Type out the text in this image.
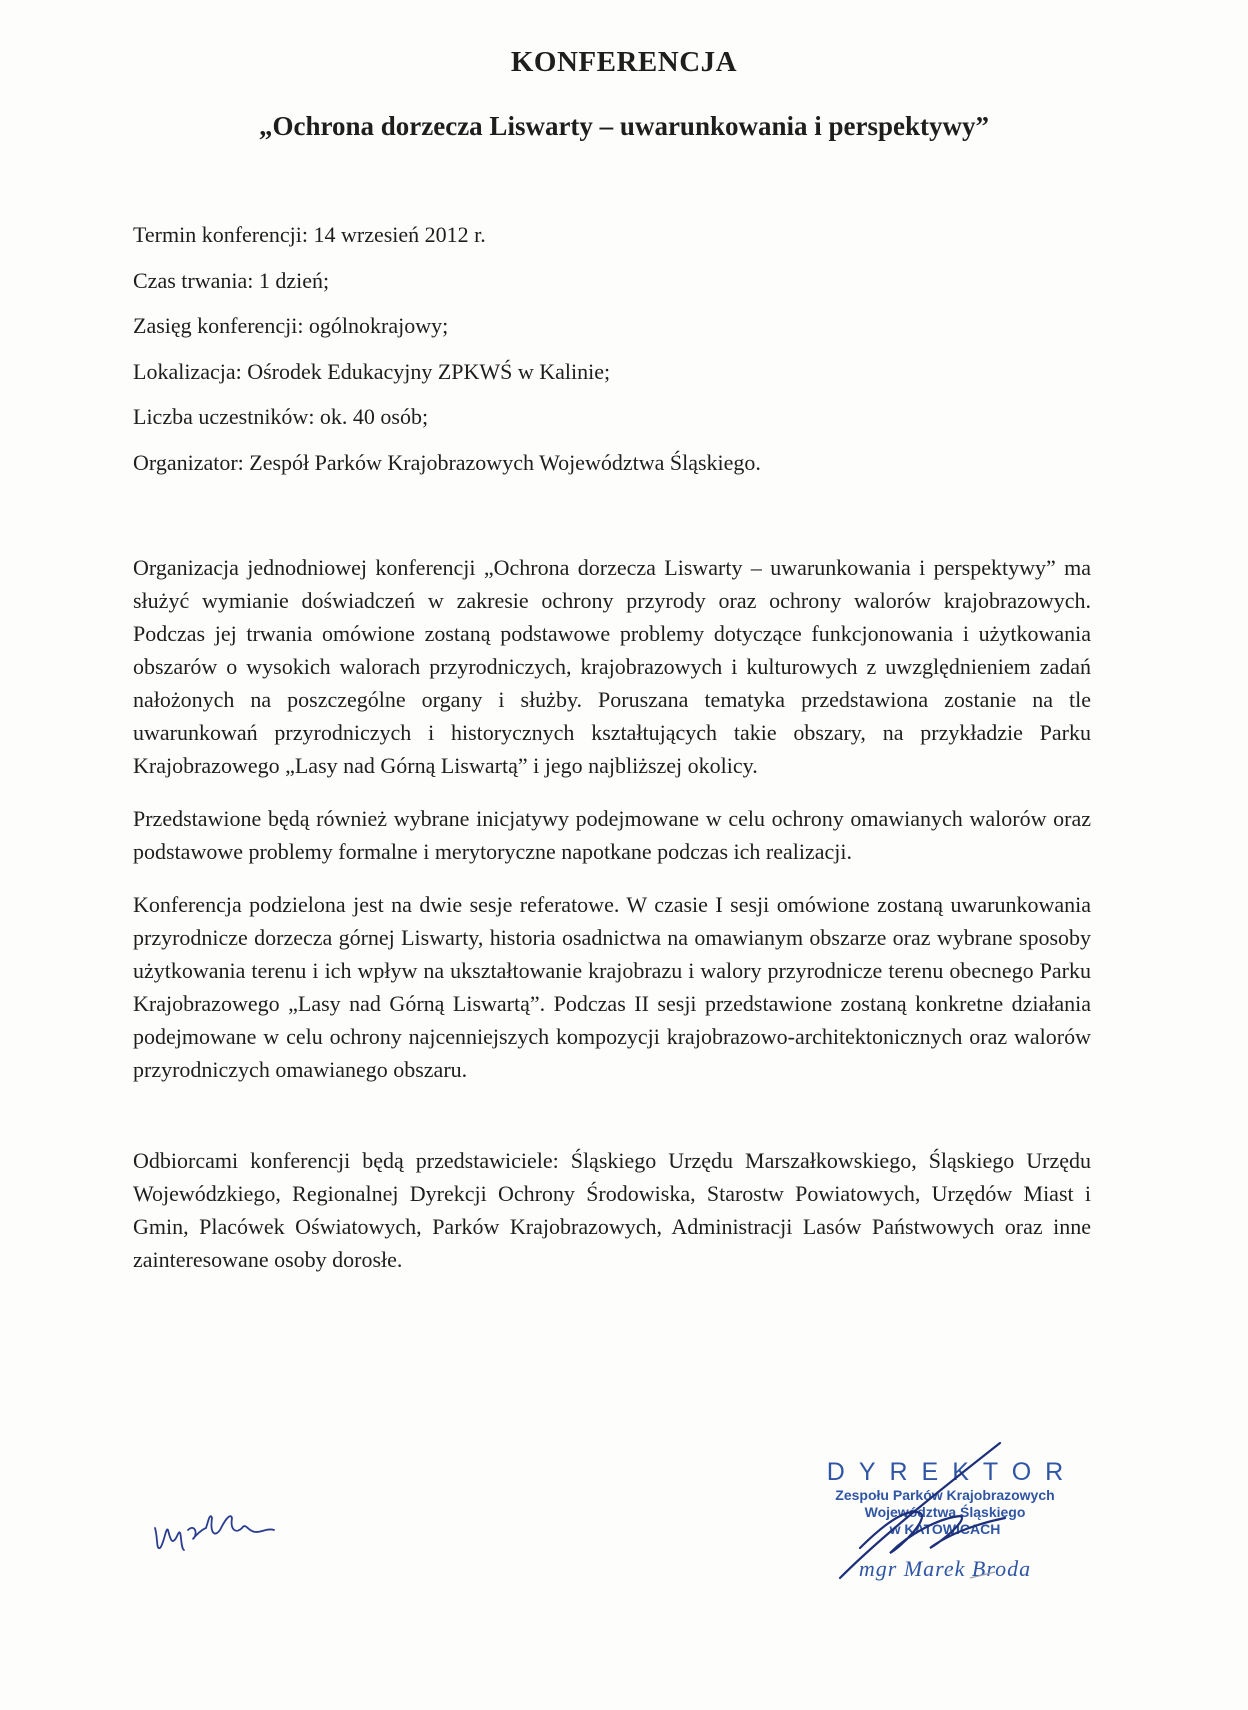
KONFERENCJA
„Ochrona dorzecza Liswarty – uwarunkowania i perspektywy”
Termin konferencji: 14 wrzesień 2012 r.
Czas trwania: 1 dzień;
Zasięg konferencji: ogólnokrajowy;
Lokalizacja: Ośrodek Edukacyjny ZPKWŚ w Kalinie;
Liczba uczestników: ok. 40 osób;
Organizator: Zespół Parków Krajobrazowych Województwa Śląskiego.

Organizacja jednodniowej konferencji „Ochrona dorzecza Liswarty – uwarunkowania i perspektywy” ma służyć wymianie doświadczeń w zakresie ochrony przyrody oraz ochrony walorów krajobrazowych. Podczas jej trwania omówione zostaną podstawowe problemy dotyczące funkcjonowania i użytkowania obszarów o wysokich walorach przyrodniczych, krajobrazowych i kulturowych z uwzględnieniem zadań nałożonych na poszczególne organy i służby. Poruszana tematyka przedstawiona zostanie na tle uwarunkowań przyrodniczych i historycznych kształtujących takie obszary, na przykładzie Parku Krajobrazowego „Lasy nad Górną Liswartą” i jego najbliższej okolicy.

Przedstawione będą również wybrane inicjatywy podejmowane w celu ochrony omawianych walorów oraz podstawowe problemy formalne i merytoryczne napotkane podczas ich realizacji.

Konferencja podzielona jest na dwie sesje referatowe. W czasie I sesji omówione zostaną uwarunkowania przyrodnicze dorzecza górnej Liswarty, historia osadnictwa na omawianym obszarze oraz wybrane sposoby użytkowania terenu i ich wpływ na ukształtowanie krajobrazu i walory przyrodnicze terenu obecnego Parku Krajobrazowego „Lasy nad Górną Liswartą”. Podczas II sesji przedstawione zostaną konkretne działania podejmowane w celu ochrony najcenniejszych kompozycji krajobrazowo-architektonicznych oraz walorów przyrodniczych omawianego obszaru.

Odbiorcami konferencji będą przedstawiciele: Śląskiego Urzędu Marszałkowskiego, Śląskiego Urzędu Wojewódzkiego, Regionalnej Dyrekcji Ochrony Środowiska, Starostw Powiatowych, Urzędów Miast i Gmin, Placówek Oświatowych, Parków Krajobrazowych, Administracji Lasów Państwowych oraz inne zainteresowane osoby dorosłe.

DYREKTOR
Zespołu Parków Krajobrazowych
Województwa Śląskiego
w KATOWICACH
mgr Marek Broda
